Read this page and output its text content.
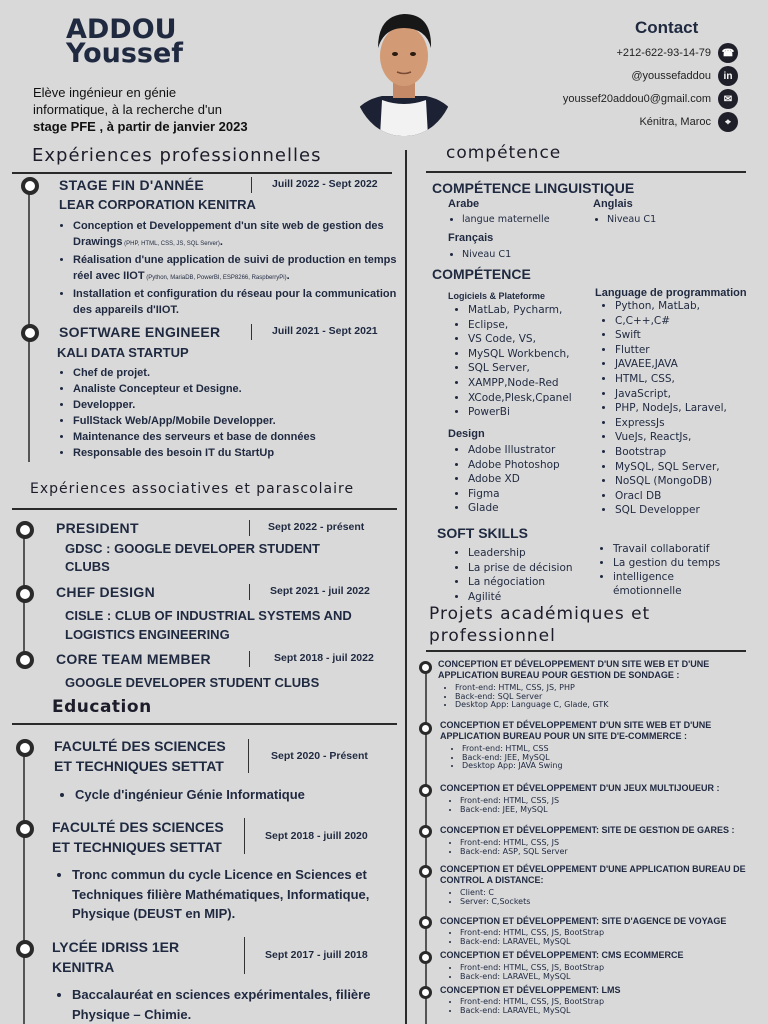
ADDOU
Youssef
Elève ingénieur en génie
informatique, à la recherche d'un
stage PFE , à partir de janvier 2023
Contact
+212-622-93-14-79	☎
@youssefaddou	in
youssef20addou0@gmail.com	✉
Kénitra, Maroc	⌖
Expériences professionnelles
STAGE FIN D'ANNÉE	Juill 2022 - Sept 2022
LEAR CORPORATION KENITRA
• Conception et Developpement d'un site web de gestion des Drawings (PHP, HTML, CSS, JS, SQL Server).
• Réalisation d'une application de suivi de production en temps réel avec IIOT (Python, MariaDB, PowerBI, ESP8266, RaspberryPi).
• Installation et configuration du réseau pour la communication des appareils d'IIOT.
SOFTWARE ENGINEER	Juill 2021 - Sept 2021
KALI DATA STARTUP
• Chef de projet.
• Analiste Concepteur et Designe.
• Developper.
• FullStack Web/App/Mobile Developper.
• Maintenance des serveurs et base de données
• Responsable des besoin IT du StartUp
Expériences associatives et parascolaire
PRESIDENT	Sept 2022 - présent
GDSC : GOOGLE DEVELOPER STUDENT
CLUBS
CHEF DESIGN	Sept 2021 - juil 2022
CISLE : CLUB OF INDUSTRIAL SYSTEMS AND
LOGISTICS ENGINEERING
CORE TEAM MEMBER	Sept 2018 - juil 2022
GOOGLE DEVELOPER STUDENT CLUBS
Education
FACULTÉ DES SCIENCES
ET TECHNIQUES SETTAT
Sept 2020 - Présent
• Cycle d'ingénieur Génie Informatique
FACULTÉ DES SCIENCES
ET TECHNIQUES SETTAT
Sept 2018 - juill 2020
• Tronc commun du cycle Licence en Sciences et Techniques filière Mathématiques, Informatique, Physique (DEUST en MIP).
LYCÉE IDRISS 1ER
KENITRA
Sept 2017 - juill 2018
• Baccalauréat en sciences expérimentales, filière Physique – Chimie.
compétence
COMPÉTENCE LINGUISTIQUE
Arabe
• langue maternelle
Anglais
• Niveau C1
Français
• Niveau C1
COMPÉTENCE
Logiciels & Plateforme
• MatLab, Pycharm,
• Eclipse,
• VS Code, VS,
• MySQL Workbench,
• SQL Server,
• XAMPP,Node-Red
• XCode,Plesk,Cpanel
• PowerBi
Design
• Adobe Illustrator
• Adobe Photoshop
• Adobe XD
• Figma
• Glade
Language de programmation
• Python, MatLab,
• C,C++,C#
• Swift
• Flutter
• JAVAEE,JAVA
• HTML, CSS,
• JavaScript,
• PHP, NodeJs, Laravel,
• ExpressJs
• VueJs, ReactJs,
• Bootstrap
• MySQL, SQL Server,
• NoSQL (MongoDB)
• Oracl DB
• SQL Developper
SOFT SKILLS
• Leadership
• La prise de décision
• La négociation
• Agilité
• Travail collaboratif
• La gestion du temps
• intelligence émotionnelle
Projets académiques et
professionnel
CONCEPTION ET DÉVELOPPEMENT D'UN SITE WEB ET D'UNE APPLICATION BUREAU POUR GESTION DE SONDAGE :
• Front-end: HTML, CSS, JS, PHP
• Back-end: SQL Server
• Desktop App: Language C, Glade, GTK
CONCEPTION ET DÉVELOPPEMENT D'UN SITE WEB ET D'UNE APPLICATION BUREAU POUR UN SITE D'E-COMMERCE :
• Front-end: HTML, CSS
• Back-end: JEE, MySQL
• Desktop App: JAVA Swing
CONCEPTION ET DÉVELOPPEMENT D'UN JEUX MULTIJOUEUR :
• Front-end: HTML, CSS, JS
• Back-end: JEE, MySQL
CONCEPTION ET DÉVELOPPEMENT: SITE DE GESTION DE GARES :
• Front-end: HTML, CSS, JS
• Back-end: ASP, SQL Server
CONCEPTION ET DÉVELOPPEMENT D'UNE APPLICATION BUREAU DE CONTROL A DISTANCE:
• Client: C
• Server: C,Sockets
CONCEPTION ET DÉVELOPPEMENT: SITE D'AGENCE DE VOYAGE
• Front-end: HTML, CSS, JS, BootStrap
• Back-end: LARAVEL, MySQL
CONCEPTION ET DÉVELOPPEMENT: CMS ECOMMERCE
• Front-end: HTML, CSS, JS, BootStrap
• Back-end: LARAVEL, MySQL
CONCEPTION ET DÉVELOPPEMENT: LMS
• Front-end: HTML, CSS, JS, BootStrap
• Back-end: LARAVEL, MySQL
